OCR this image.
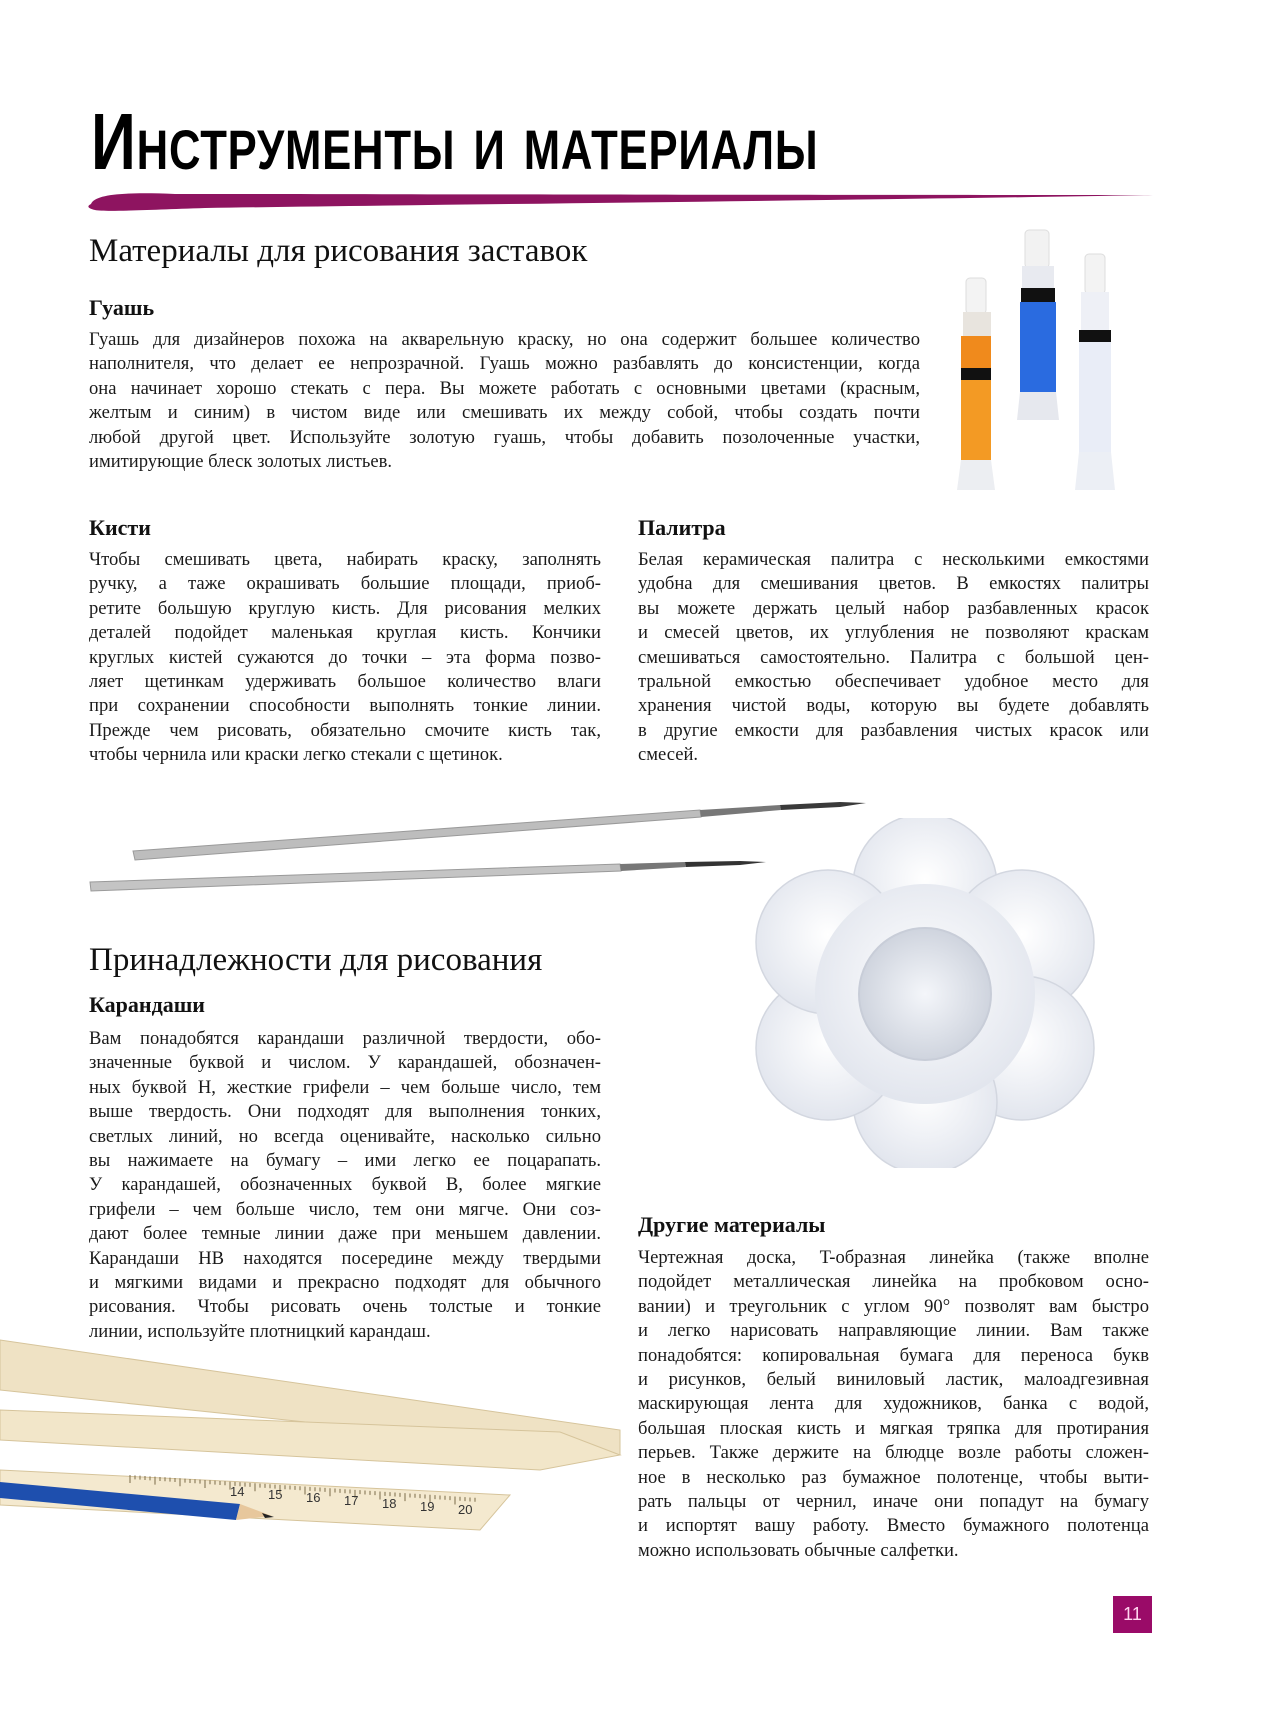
Инструменты и материалы
Материалы для рисования заставок
Гуашь
Гуашь для дизайнеров похожа на акварельную краску, но она содержит большее количество
наполнителя, что делает ее непрозрачной. Гуашь можно разбавлять до консистенции, когда
она начинает хорошо стекать с пера. Вы можете работать с основными цветами (красным,
желтым и синим) в чистом виде или смешивать их между собой, чтобы создать почти
любой другой цвет. Используйте золотую гуашь, чтобы добавить позолоченные участки,
имитирующие блеск золотых листьев.
Кисти
Чтобы смешивать цвета, набирать краску, заполнять
ручку, а таже окрашивать большие площади, приоб-
ретите большую круглую кисть. Для рисования мелких
деталей подойдет маленькая круглая кисть. Кончики
круглых кистей сужаются до точки – эта форма позво-
ляет щетинкам удерживать большое количество влаги
при сохранении способности выполнять тонкие линии.
Прежде чем рисовать, обязательно смочите кисть так,
чтобы чернила или краски легко стекали с щетинок.
Палитра
Белая керамическая палитра с несколькими емкостями
удобна для смешивания цветов. В емкостях палитры
вы можете держать целый набор разбавленных красок
и смесей цветов, их углубления не позволяют краскам
смешиваться самостоятельно. Палитра с большой цен-
тральной емкостью обеспечивает удобное место для
хранения чистой воды, которую вы будете добавлять
в другие емкости для разбавления чистых красок или
смесей.
Принадлежности для рисования
Карандаши
Вам понадобятся карандаши различной твердости, обо-
значенные буквой и числом. У карандашей, обозначен-
ных буквой H, жесткие грифели – чем больше число, тем
выше твердость. Они подходят для выполнения тонких,
светлых линий, но всегда оценивайте, насколько сильно
вы нажимаете на бумагу – ими легко ее поцарапать.
У карандашей, обозначенных буквой B, более мягкие
грифели – чем больше число, тем они мягче. Они соз-
дают более темные линии даже при меньшем давлении.
Карандаши HB находятся посередине между твердыми
и мягкими видами и прекрасно подходят для обычного
рисования. Чтобы рисовать очень толстые и тонкие
линии, используйте плотницкий карандаш.
Другие материалы
Чертежная доска, T-образная линейка (также вполне
подойдет металлическая линейка на пробковом осно-
вании) и треугольник с углом 90° позволят вам быстро
и легко нарисовать направляющие линии. Вам также
понадобятся: копировальная бумага для переноса букв
и рисунков, белый виниловый ластик, малоадгезивная
маскирующая лента для художников, банка с водой,
большая плоская кисть и мягкая тряпка для протирания
перьев. Также держите на блюдце возле работы сложен-
ное в несколько раз бумажное полотенце, чтобы выти-
рать пальцы от чернил, иначе они попадут на бумагу
и испортят вашу работу. Вместо бумажного полотенца
можно использовать обычные салфетки.
14 15 16 17 18 19 20
11
